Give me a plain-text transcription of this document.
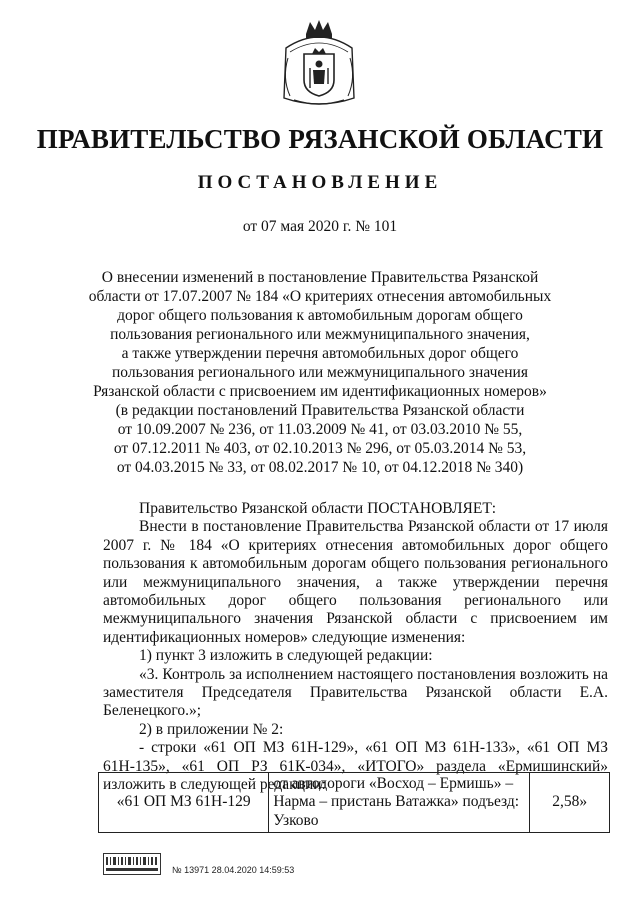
ПРАВИТЕЛЬСТВО РЯЗАНСКОЙ ОБЛАСТИ
ПОСТАНОВЛЕНИЕ
от 07 мая 2020 г. № 101
О внесении изменений в постановление Правительства Рязанской
области от 17.07.2007 № 184 «О критериях отнесения автомобильных
дорог общего пользования к автомобильным дорогам общего
пользования регионального или межмуниципального значения,
а также утверждении перечня автомобильных дорог общего
пользования регионального или межмуниципального значения
Рязанской области с присвоением им идентификационных номеров»
(в редакции постановлений Правительства Рязанской области
от 10.09.2007 № 236, от 11.03.2009 № 41, от 03.03.2010 № 55,
от 07.12.2011 № 403, от 02.10.2013 № 296, от 05.03.2014 № 53,
от 04.03.2015 № 33, от 08.02.2017 № 10, от 04.12.2018 № 340)

Правительство Рязанской области ПОСТАНОВЛЯЕТ:

Внести в постановление Правительства Рязанской области от 17 июля 2007 г. № 184 «О критериях отнесения автомобильных дорог общего пользования к автомобильным дорогам общего пользования регионального или межмуниципального значения, а также утверждении перечня автомобильных дорог общего пользования регионального или межмуниципального значения Рязанской области с присвоением им идентификационных номеров» следующие изменения:

1) пункт 3 изложить в следующей редакции:

«3. Контроль за исполнением настоящего постановления возложить на заместителя Председателя Правительства Рязанской области Е.А. Беленецкого.»;

2) в приложении № 2:

- строки «61 ОП МЗ 61Н-129», «61 ОП МЗ 61Н-133», «61 ОП МЗ 61Н-135», «61 ОП РЗ 61К-034», «ИТОГО» раздела «Ермишинский» изложить в следующей редакции:

«61 ОП МЗ 61Н-129	от автодороги «Восход – Ермишь» – Нарма – пристань Ватажка» подъезд: Узково	2,58»
№ 13971 28.04.2020 14:59:53
